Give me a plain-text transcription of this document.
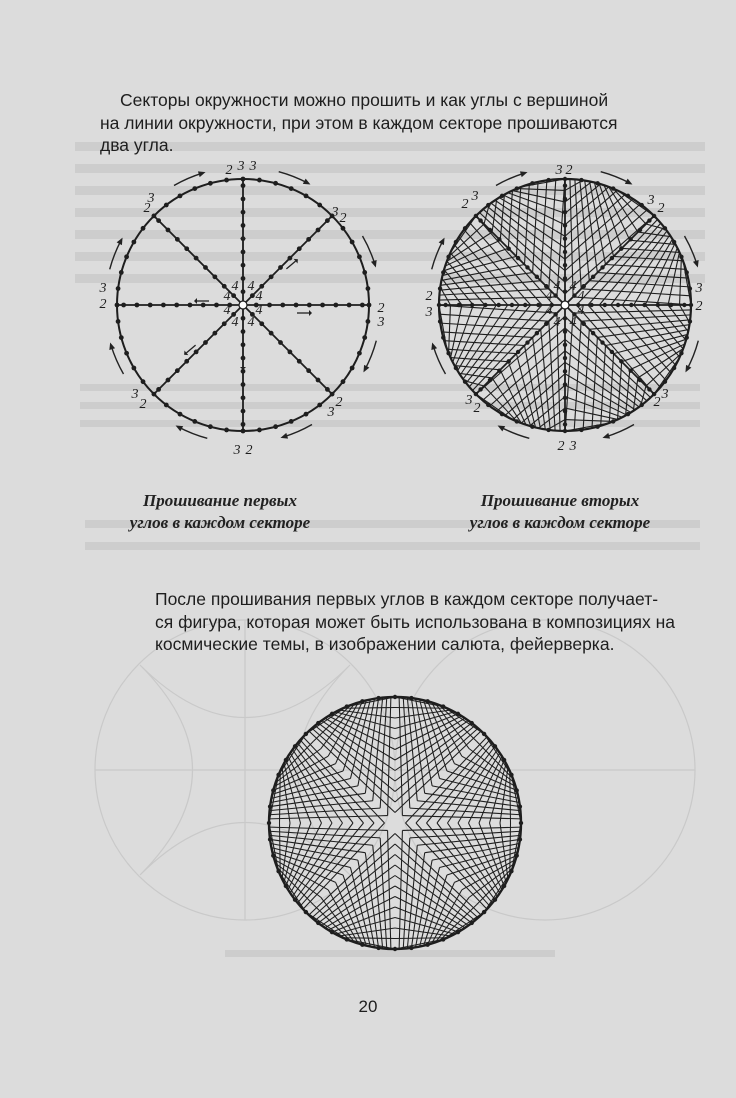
Секторы окружности можно прошить и как углы с вершиной
на линии окружности, при этом в каждом секторе прошиваются
два угла.

4 4
4 4
4 4
4 4
2 3 3
2
3
3 2
3
2	2
3
3
2	2
3
3 2
4 4
4 4
4 4
4 4
3 2
2
3	3
2
2
3
3
2
3
2	2
3
2 3
Прошивание первых
углов в каждом секторе
Прошивание вторых
углов в каждом секторе

После прошивания первых углов в каждом секторе получает-
ся фигура, которая может быть использована в композициях на
космические темы, в изображении салюта, фейерверка.

20
